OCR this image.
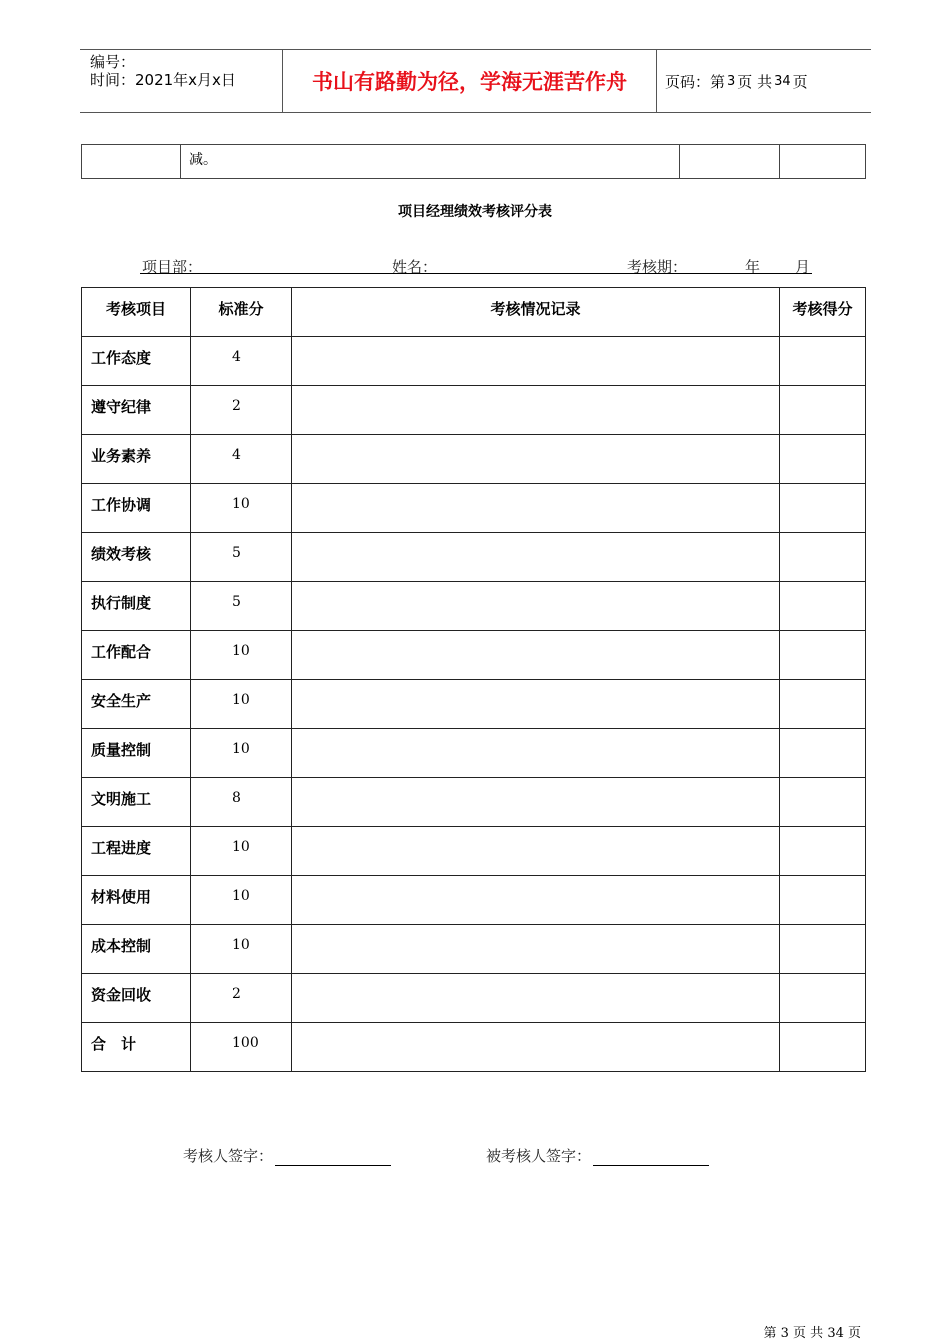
编号：
时间：2021年x月x日	书山有路勤为径，学海无涯苦作舟	页码：第 3 页 共 34 页

减。

项目经理绩效考核评分表
项目部：	姓名：	考核期：	年 月
考核项目	标准分	考核情况记录	考核得分
工作态度	4		
遵守纪律	2		
业务素养	4		
工作协调	10		
绩效考核	5		
执行制度	5		
工作配合	10		
安全生产	10		
质量控制	10		
文明施工	8		
工程进度	10		
材料使用	10		
成本控制	10		
资金回收	2		
合　计	100		
考核人签字：	被考核人签字：
第 3 页 共 34 页
